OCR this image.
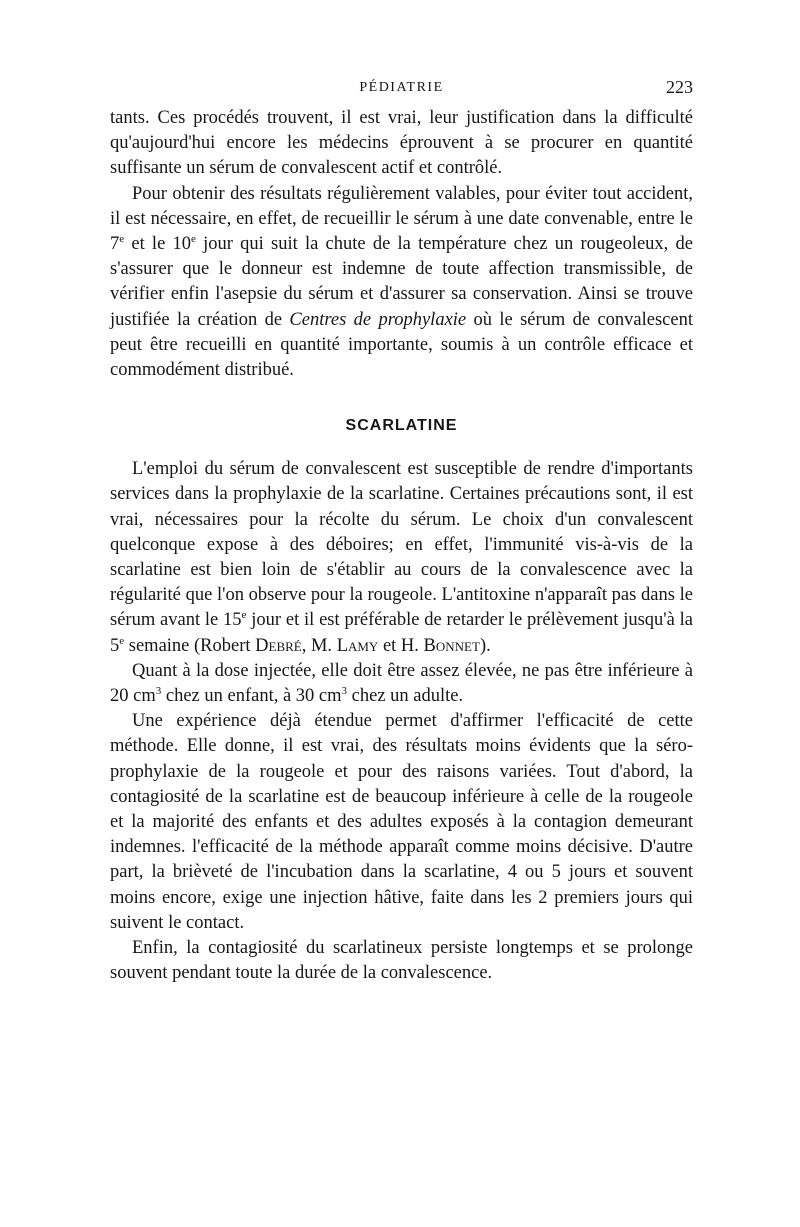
PÉDIATRIE	223

tants. Ces procédés trouvent, il est vrai, leur justification dans la difficulté qu'aujourd'hui encore les médecins éprouvent à se procurer en quantité suffisante un sérum de convalescent actif et contrôlé.

Pour obtenir des résultats régulièrement valables, pour éviter tout accident, il est nécessaire, en effet, de recueillir le sérum à une date convenable, entre le 7e et le 10e jour qui suit la chute de la température chez un rougeoleux, de s'assurer que le donneur est indemne de toute affection transmissible, de vérifier enfin l'asepsie du sérum et d'assurer sa conservation. Ainsi se trouve justifiée la création de Centres de prophylaxie où le sérum de convalescent peut être recueilli en quantité importante, soumis à un contrôle efficace et commodément distribué.

SCARLATINE

L'emploi du sérum de convalescent est susceptible de rendre d'importants services dans la prophylaxie de la scarlatine. Certaines précautions sont, il est vrai, nécessaires pour la récolte du sérum. Le choix d'un convalescent quelconque expose à des déboires; en effet, l'immunité vis-à-vis de la scarlatine est bien loin de s'établir au cours de la convalescence avec la régularité que l'on observe pour la rougeole. L'antitoxine n'apparaît pas dans le sérum avant le 15e jour et il est préférable de retarder le prélèvement jusqu'à la 5e semaine (Robert Debré, M. Lamy et H. Bonnet).

Quant à la dose injectée, elle doit être assez élevée, ne pas être inférieure à 20 $cm^3$ chez un enfant, à 30 $cm^3$ chez un adulte.

Une expérience déjà étendue permet d'affirmer l'efficacité de cette méthode. Elle donne, il est vrai, des résultats moins évidents que la séro-prophylaxie de la rougeole et pour des raisons variées. Tout d'abord, la contagiosité de la scarlatine est de beaucoup inférieure à celle de la rougeole et la majorité des enfants et des adultes exposés à la contagion demeurant indemnes. l'efficacité de la méthode apparaît comme moins décisive. D'autre part, la brièveté de l'incubation dans la scarlatine, 4 ou 5 jours et souvent moins encore, exige une injection hâtive, faite dans les 2 premiers jours qui suivent le contact.

Enfin, la contagiosité du scarlatineux persiste longtemps et se prolonge souvent pendant toute la durée de la convalescence.
